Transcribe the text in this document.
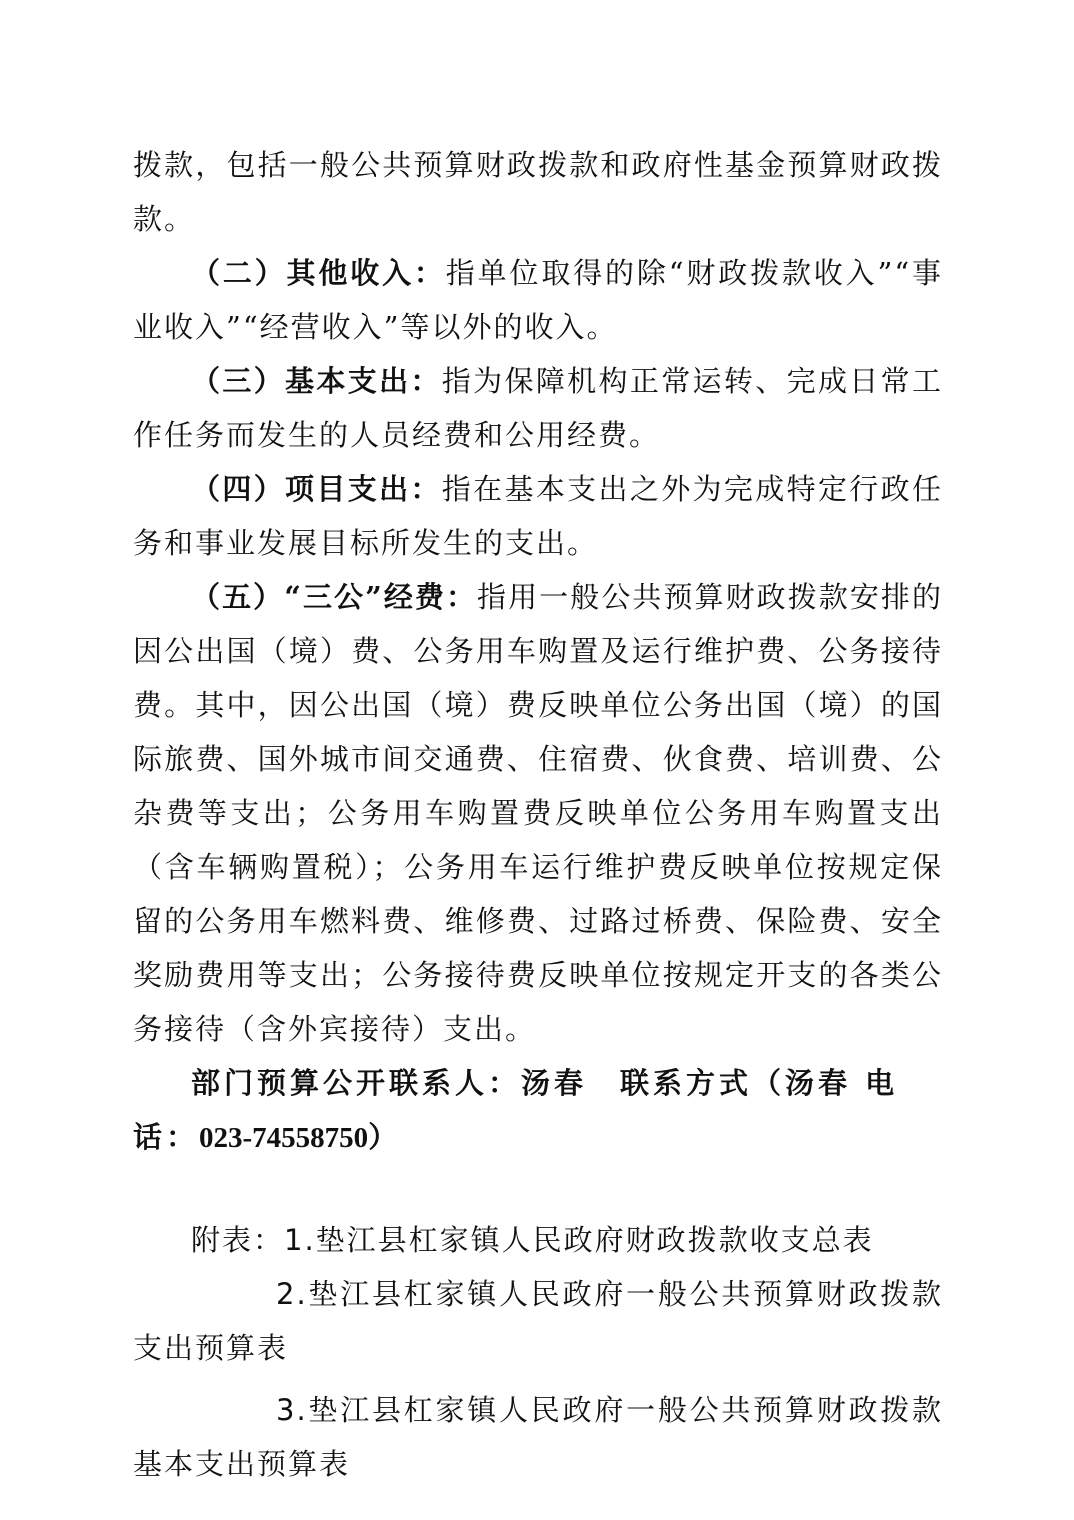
拨款，包括一般公共预算财政拨款和政府性基金预算财政拨款。

（二）其他收入：指单位取得的除“财政拨款收入”“事业收入”“经营收入”等以外的收入。

（三）基本支出：指为保障机构正常运转、完成日常工作任务而发生的人员经费和公用经费。

（四）项目支出：指在基本支出之外为完成特定行政任务和事业发展目标所发生的支出。

（五）“三公”经费：指用一般公共预算财政拨款安排的因公出国（境）费、公务用车购置及运行维护费、公务接待费。其中，因公出国（境）费反映单位公务出国（境）的国际旅费、国外城市间交通费、住宿费、伙食费、培训费、公杂费等支出；公务用车购置费反映单位公务用车购置支出（含车辆购置税）；公务用车运行维护费反映单位按规定保留的公务用车燃料费、维修费、过路过桥费、保险费、安全奖励费用等支出；公务接待费反映单位按规定开支的各类公务接待（含外宾接待）支出。

部门预算公开联系人：汤春　联系方式（汤春 电话：023-74558750）

附表：1.垫江县杠家镇人民政府财政拨款收支总表

2.垫江县杠家镇人民政府一般公共预算财政拨款支出预算表

3.垫江县杠家镇人民政府一般公共预算财政拨款基本支出预算表
